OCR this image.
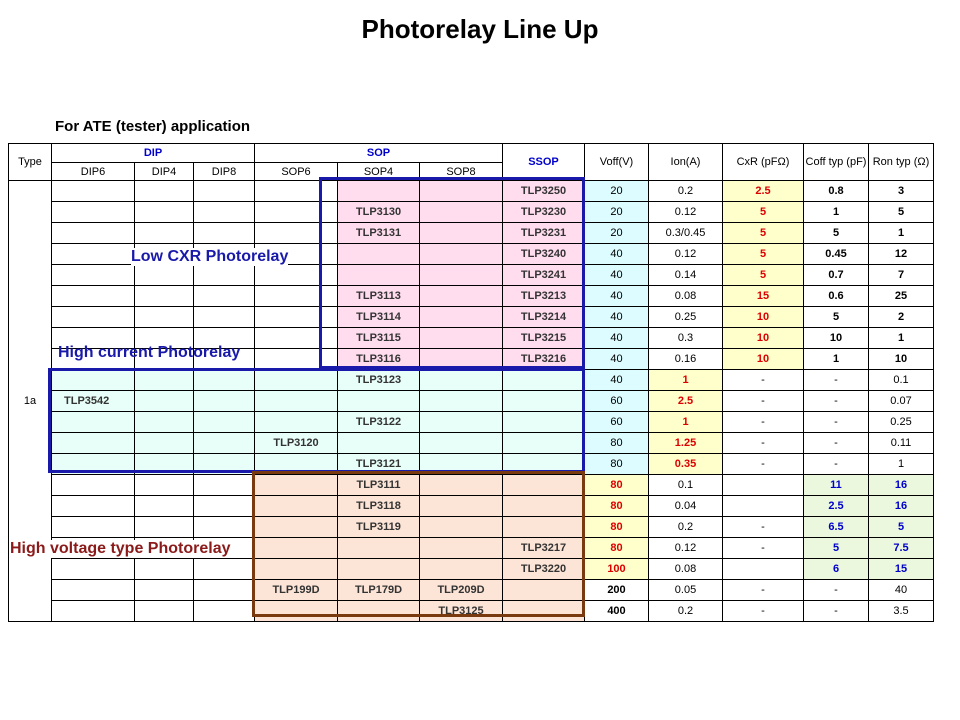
Photorelay Line Up
For ATE (tester) application
Type	DIP			SOP			SSOP	Voff(V)	Ion(A)	CxR (pFΩ)	Coff typ (pF)	Ron typ (Ω)
	DIP6	DIP4	DIP8	SOP6	SOP4	SOP8						
1a							TLP3250	20	0.2	2.5	0.8	3
					TLP3130		TLP3230	20	0.12	5	1	5
					TLP3131		TLP3231	20	0.3/0.45	5	5	1
							TLP3240	40	0.12	5	0.45	12
							TLP3241	40	0.14	5	0.7	7
					TLP3113		TLP3213	40	0.08	15	0.6	25
					TLP3114		TLP3214	40	0.25	10	5	2
					TLP3115		TLP3215	40	0.3	10	10	1
					TLP3116		TLP3216	40	0.16	10	1	10
					TLP3123			40	1	-	-	0.1
	TLP3542							60	2.5	-	-	0.07
					TLP3122			60	1	-	-	0.25
				TLP3120				80	1.25	-	-	0.11
					TLP3121			80	0.35	-	-	1
					TLP3111			80	0.1		11	16
					TLP3118			80	0.04		2.5	16
					TLP3119			80	0.2	-	6.5	5
							TLP3217	80	0.12	-	5	7.5
							TLP3220	100	0.08		6	15
				TLP199D	TLP179D	TLP209D		200	0.05	-	-	40
						TLP3125		400	0.2	-	-	3.5
Low CXR Photorelay
High current Photorelay
High voltage type Photorelay
